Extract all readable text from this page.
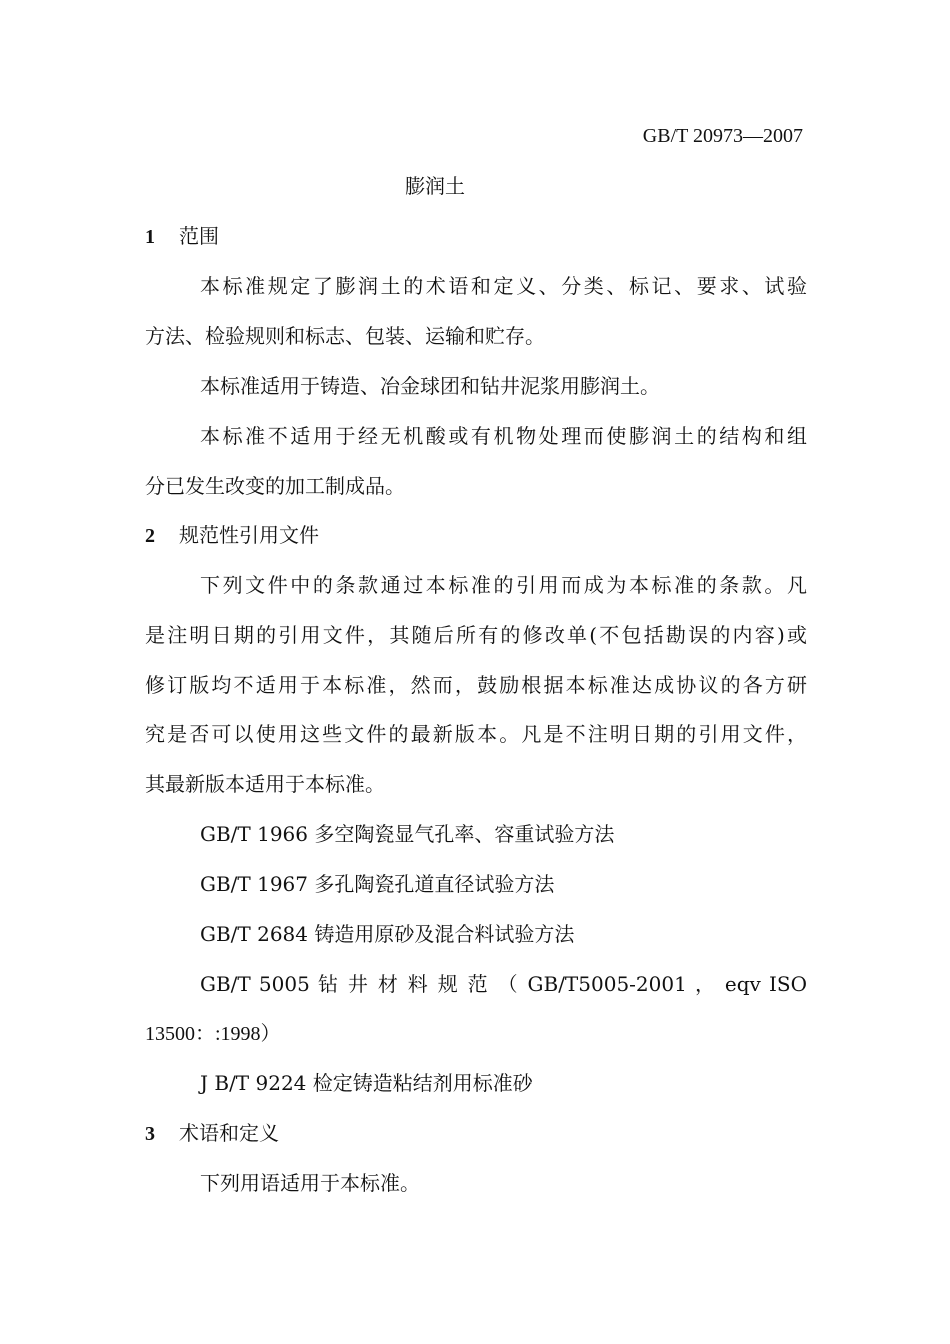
GB/T 20973—2007
膨润土
1 范围
本标准规定了膨润土的术语和定义、分类、标记、要求、试验
方法、检验规则和标志、包装、运输和贮存。
本标准适用于铸造、冶金球团和钻井泥浆用膨润土。
本标准不适用于经无机酸或有机物处理而使膨润土的结构和组
分已发生改变的加工制成品。
2 规范性引用文件
下列文件中的条款通过本标准的引用而成为本标准的条款。凡
是注明日期的引用文件，其随后所有的修改单(不包括勘误的内容)或
修订版均不适用于本标准，然而，鼓励根据本标准达成协议的各方研
究是否可以使用这些文件的最新版本。凡是不注明日期的引用文件，
其最新版本适用于本标准。
GB/T 1966 多空陶瓷显气孔率、容重试验方法
GB/T 1967 多孔陶瓷孔道直径试验方法
GB/T 2684 铸造用原砂及混合料试验方法
GB/T 5005 钻 井 材 料 规 范 （ GB/T5005-2001 ， eqv ISO
13500：:1998）
J B/T 9224 检定铸造粘结剂用标准砂
3 术语和定义
下列用语适用于本标准。
